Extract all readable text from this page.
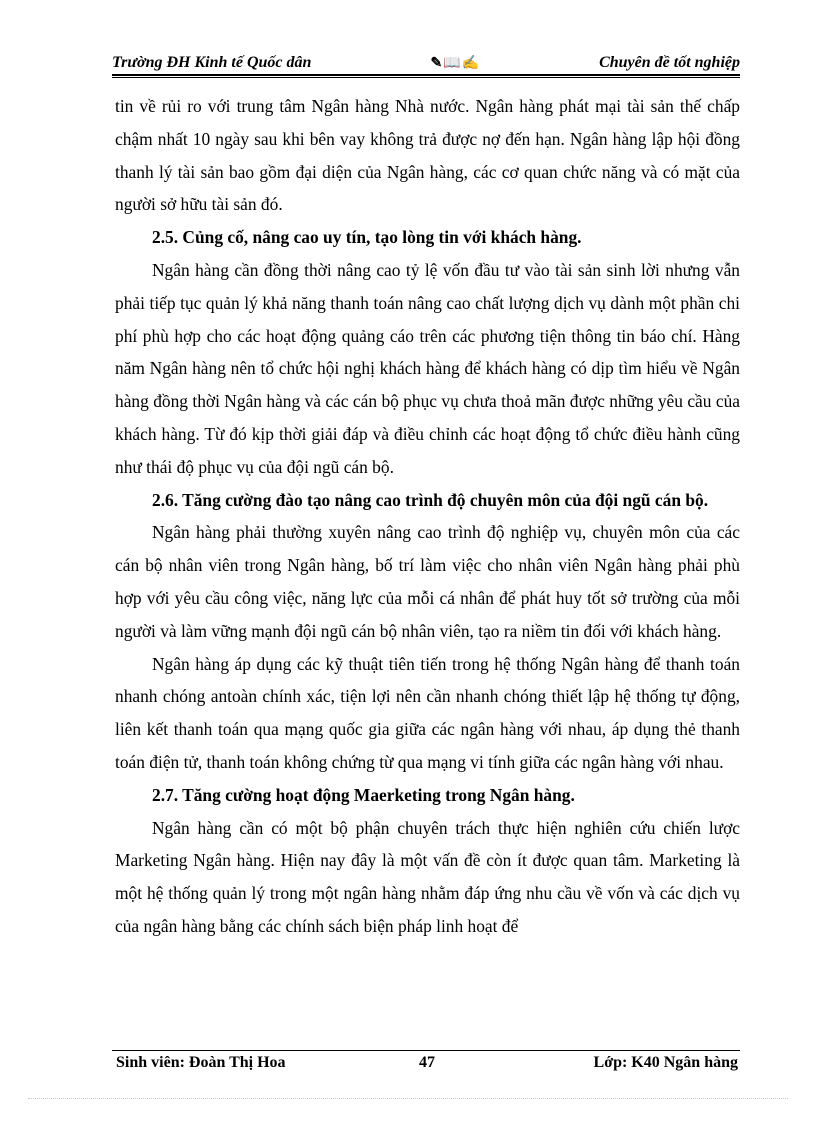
Trường ĐH Kinh tế Quốc dân	✎📖✍	Chuyên đề tốt nghiệp

tin về rủi ro với trung tâm Ngân hàng Nhà nước. Ngân hàng phát mại tài sản thế chấp chậm nhất 10 ngày sau khi bên vay không trả được nợ đến hạn. Ngân hàng lập hội đồng thanh lý tài sản bao gồm đại diện của Ngân hàng, các cơ quan chức năng và có mặt của người sở hữu tài sản đó.

2.5. Củng cố, nâng cao uy tín, tạo lòng tin với khách hàng.

Ngân hàng cần đồng thời nâng cao tỷ lệ vốn đầu tư vào tài sản sinh lời nhưng vẫn phải tiếp tục quản lý khả năng thanh toán nâng cao chất lượng dịch vụ dành một phần chi phí phù hợp cho các hoạt động quảng cáo trên các phương tiện thông tin báo chí. Hàng năm Ngân hàng nên tổ chức hội nghị khách hàng để khách hàng có dịp tìm hiểu về Ngân hàng đồng thời Ngân hàng và các cán bộ phục vụ chưa thoả mãn được những yêu cầu của khách hàng. Từ đó kịp thời giải đáp và điều chỉnh các hoạt động tổ chức điều hành cũng như thái độ phục vụ của đội ngũ cán bộ.

2.6. Tăng cường đào tạo nâng cao trình độ chuyên môn của đội ngũ cán bộ.

Ngân hàng phải thường xuyên nâng cao trình độ nghiệp vụ, chuyên môn của các cán bộ nhân viên trong Ngân hàng, bố trí làm việc cho nhân viên Ngân hàng phải phù hợp với yêu cầu công việc, năng lực của mỗi cá nhân để phát huy tốt sở trường của mỗi người và làm vững mạnh đội ngũ cán bộ nhân viên, tạo ra niềm tin đối với khách hàng.

Ngân hàng áp dụng các kỹ thuật tiên tiến trong hệ thống Ngân hàng để thanh toán nhanh chóng antoàn chính xác, tiện lợi nên cần nhanh chóng thiết lập hệ thống tự động, liên kết thanh toán qua mạng quốc gia giữa các ngân hàng với nhau, áp dụng thẻ thanh toán điện tử, thanh toán không chứng từ qua mạng vi tính giữa các ngân hàng với nhau.

2.7. Tăng cường hoạt động Maerketing trong Ngân hàng.

Ngân hàng cần có một bộ phận chuyên trách thực hiện nghiên cứu chiến lược Marketing Ngân hàng. Hiện nay đây là một vấn đề còn ít được quan tâm. Marketing là một hệ thống quản lý trong một ngân hàng nhằm đáp ứng nhu cầu về vốn và các dịch vụ của ngân hàng bằng các chính sách biện pháp linh hoạt để

Sinh viên: Đoàn Thị Hoa	47	Lớp: K40 Ngân hàng
